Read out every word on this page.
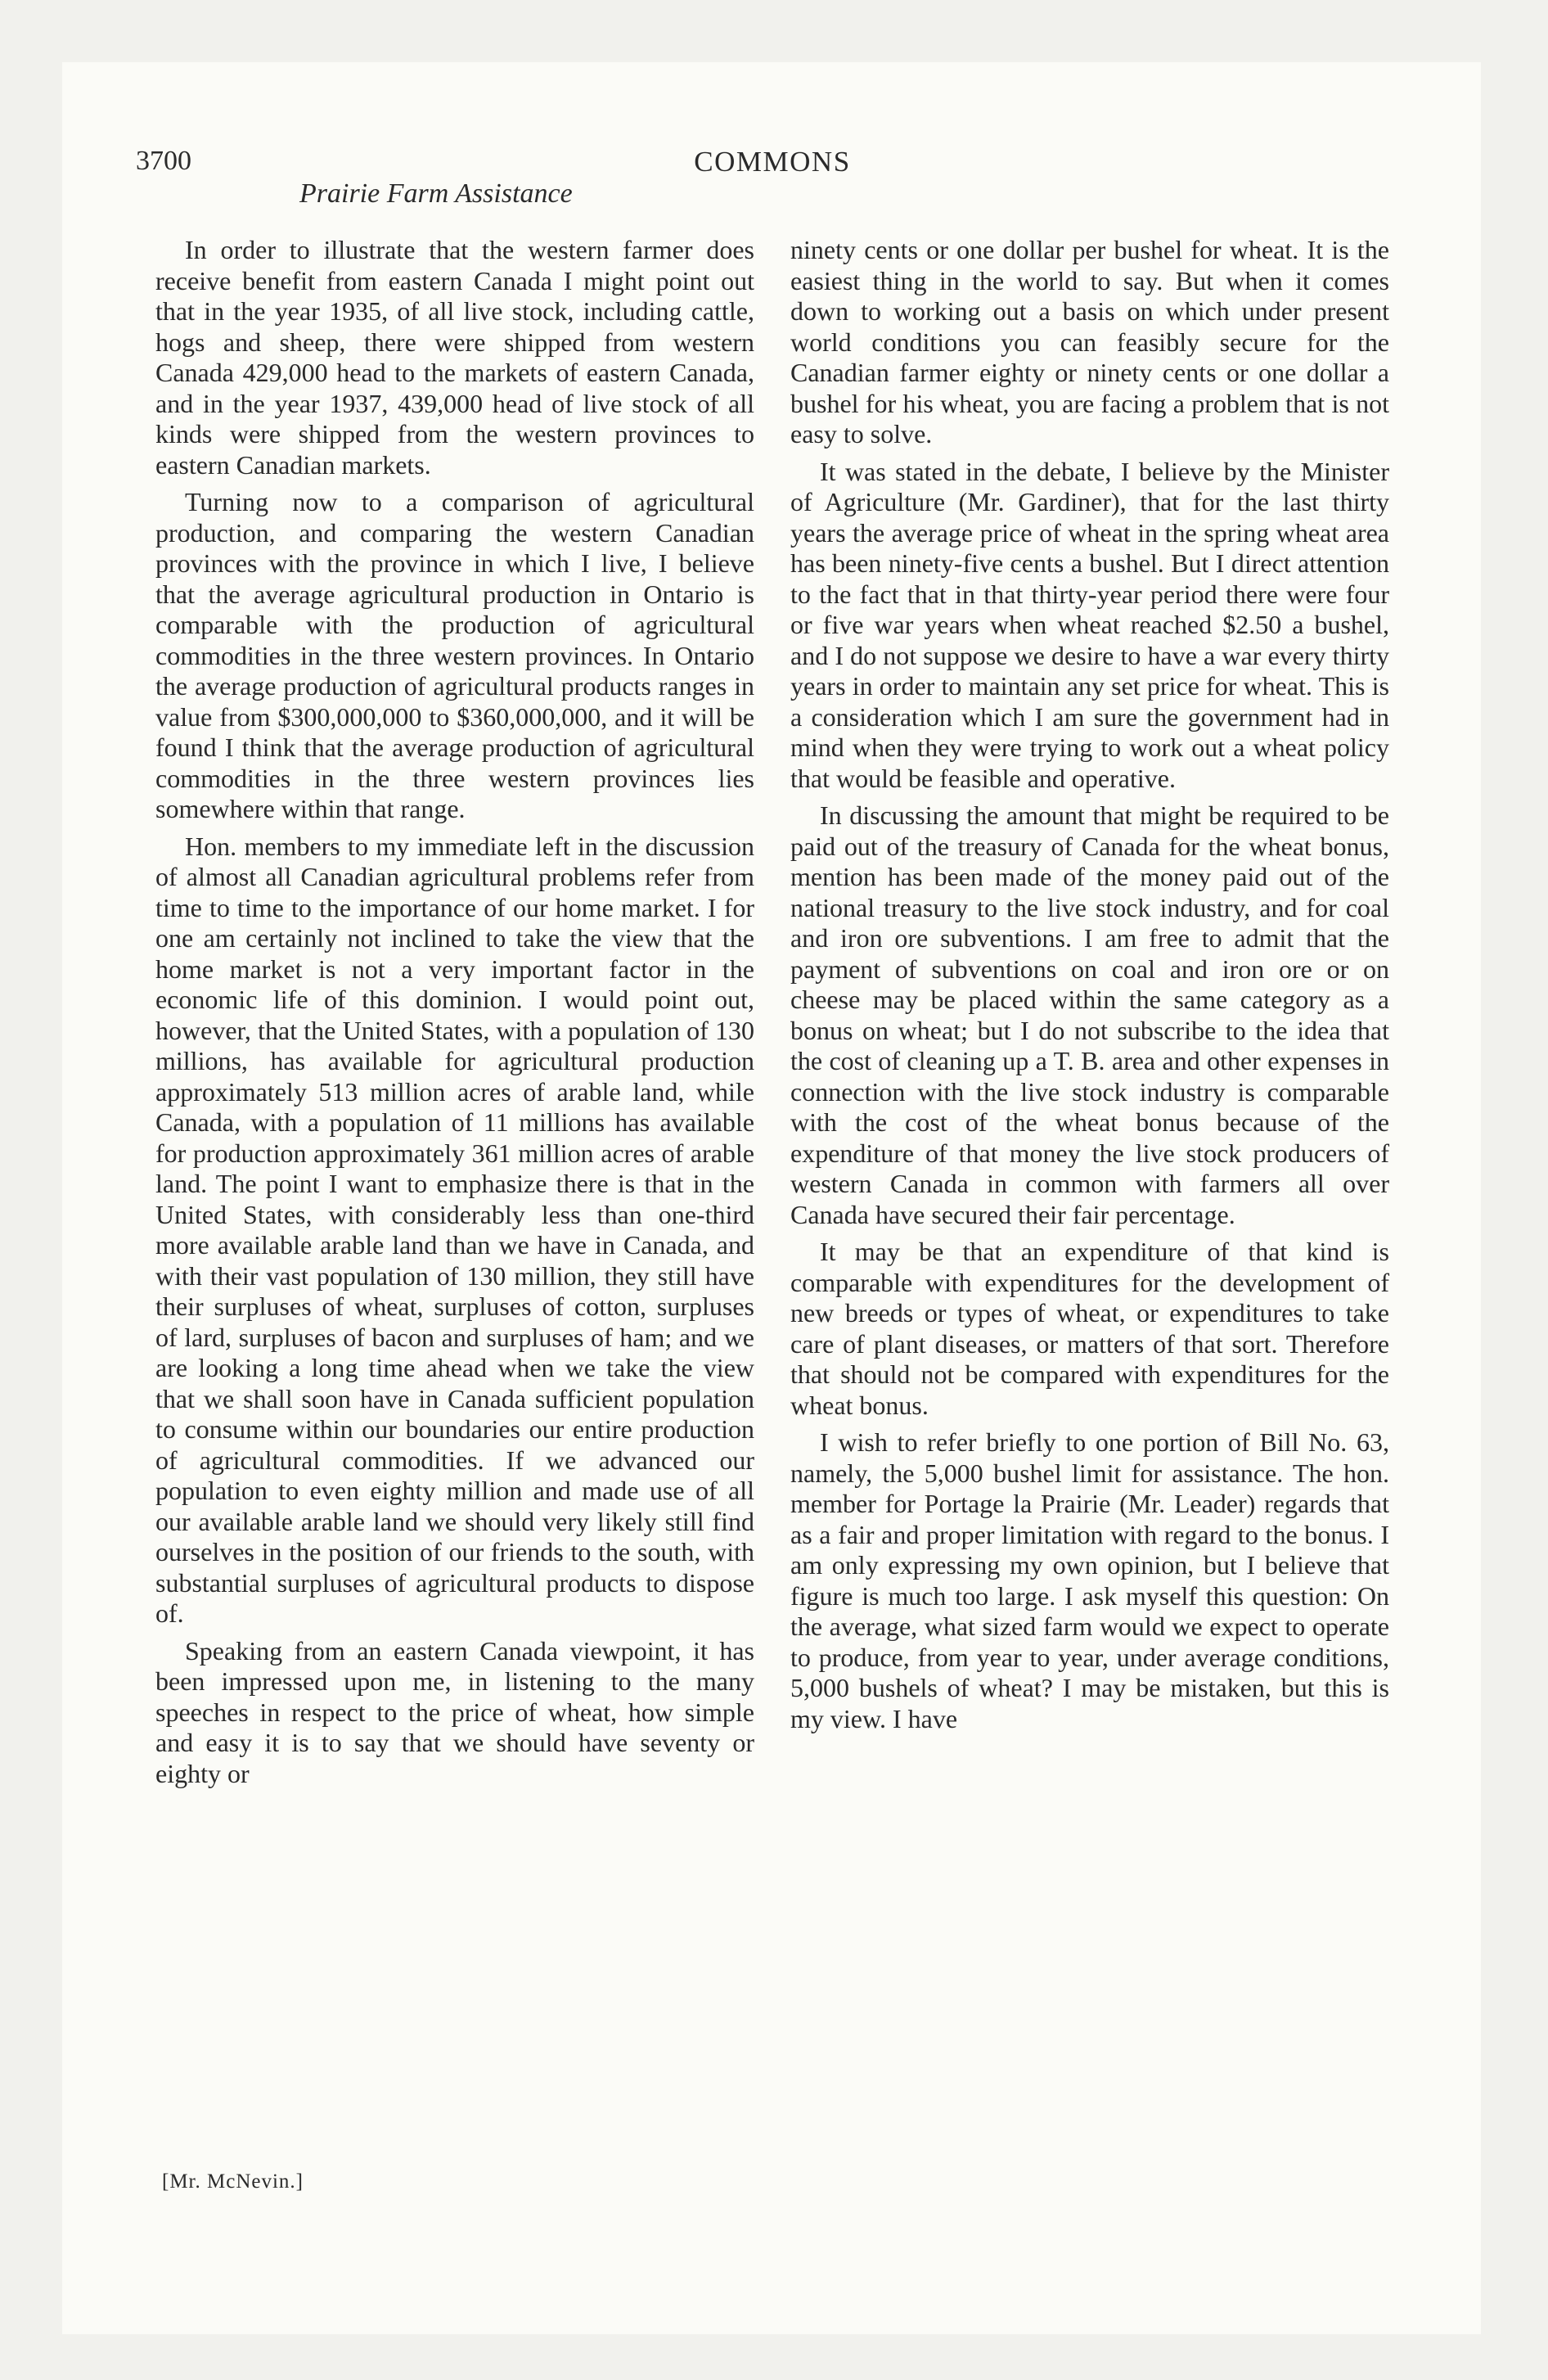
3700	COMMONS
Prairie Farm Assistance

In order to illustrate that the western farmer does receive benefit from eastern Canada I might point out that in the year 1935, of all live stock, including cattle, hogs and sheep, there were shipped from western Canada 429,000 head to the markets of eastern Canada, and in the year 1937, 439,000 head of live stock of all kinds were shipped from the western provinces to eastern Canadian markets.

Turning now to a comparison of agricultural production, and comparing the western Canadian provinces with the province in which I live, I believe that the average agricultural production in Ontario is comparable with the production of agricultural commodities in the three western provinces. In Ontario the average production of agricultural products ranges in value from $300,000,000 to $360,000,000, and it will be found I think that the average production of agricultural commodities in the three western provinces lies somewhere within that range.

Hon. members to my immediate left in the discussion of almost all Canadian agricultural problems refer from time to time to the importance of our home market. I for one am certainly not inclined to take the view that the home market is not a very important factor in the economic life of this dominion. I would point out, however, that the United States, with a population of 130 millions, has available for agricultural production approximately 513 million acres of arable land, while Canada, with a population of 11 millions has available for production approximately 361 million acres of arable land. The point I want to emphasize there is that in the United States, with considerably less than one-third more available arable land than we have in Canada, and with their vast population of 130 million, they still have their surpluses of wheat, surpluses of cotton, surpluses of lard, surpluses of bacon and surpluses of ham; and we are looking a long time ahead when we take the view that we shall soon have in Canada sufficient population to consume within our boundaries our entire production of agricultural commodities. If we advanced our population to even eighty million and made use of all our available arable land we should very likely still find ourselves in the position of our friends to the south, with substantial surpluses of agricultural products to dispose of.

Speaking from an eastern Canada viewpoint, it has been impressed upon me, in listening to the many speeches in respect to the price of wheat, how simple and easy it is to say that we should have seventy or eighty or

[Mr. McNevin.]

ninety cents or one dollar per bushel for wheat. It is the easiest thing in the world to say. But when it comes down to working out a basis on which under present world conditions you can feasibly secure for the Canadian farmer eighty or ninety cents or one dollar a bushel for his wheat, you are facing a problem that is not easy to solve.

It was stated in the debate, I believe by the Minister of Agriculture (Mr. Gardiner), that for the last thirty years the average price of wheat in the spring wheat area has been ninety-five cents a bushel. But I direct attention to the fact that in that thirty-year period there were four or five war years when wheat reached $2.50 a bushel, and I do not suppose we desire to have a war every thirty years in order to maintain any set price for wheat. This is a consideration which I am sure the government had in mind when they were trying to work out a wheat policy that would be feasible and operative.

In discussing the amount that might be required to be paid out of the treasury of Canada for the wheat bonus, mention has been made of the money paid out of the national treasury to the live stock industry, and for coal and iron ore subventions. I am free to admit that the payment of subventions on coal and iron ore or on cheese may be placed within the same category as a bonus on wheat; but I do not subscribe to the idea that the cost of cleaning up a T. B. area and other expenses in connection with the live stock industry is comparable with the cost of the wheat bonus because of the expenditure of that money the live stock producers of western Canada in common with farmers all over Canada have secured their fair percentage.

It may be that an expenditure of that kind is comparable with expenditures for the development of new breeds or types of wheat, or expenditures to take care of plant diseases, or matters of that sort. Therefore that should not be compared with expenditures for the wheat bonus.

I wish to refer briefly to one portion of Bill No. 63, namely, the 5,000 bushel limit for assistance. The hon. member for Portage la Prairie (Mr. Leader) regards that as a fair and proper limitation with regard to the bonus. I am only expressing my own opinion, but I believe that figure is much too large. I ask myself this question: On the average, what sized farm would we expect to operate to produce, from year to year, under average conditions, 5,000 bushels of wheat? I may be mistaken, but this is my view. I have
